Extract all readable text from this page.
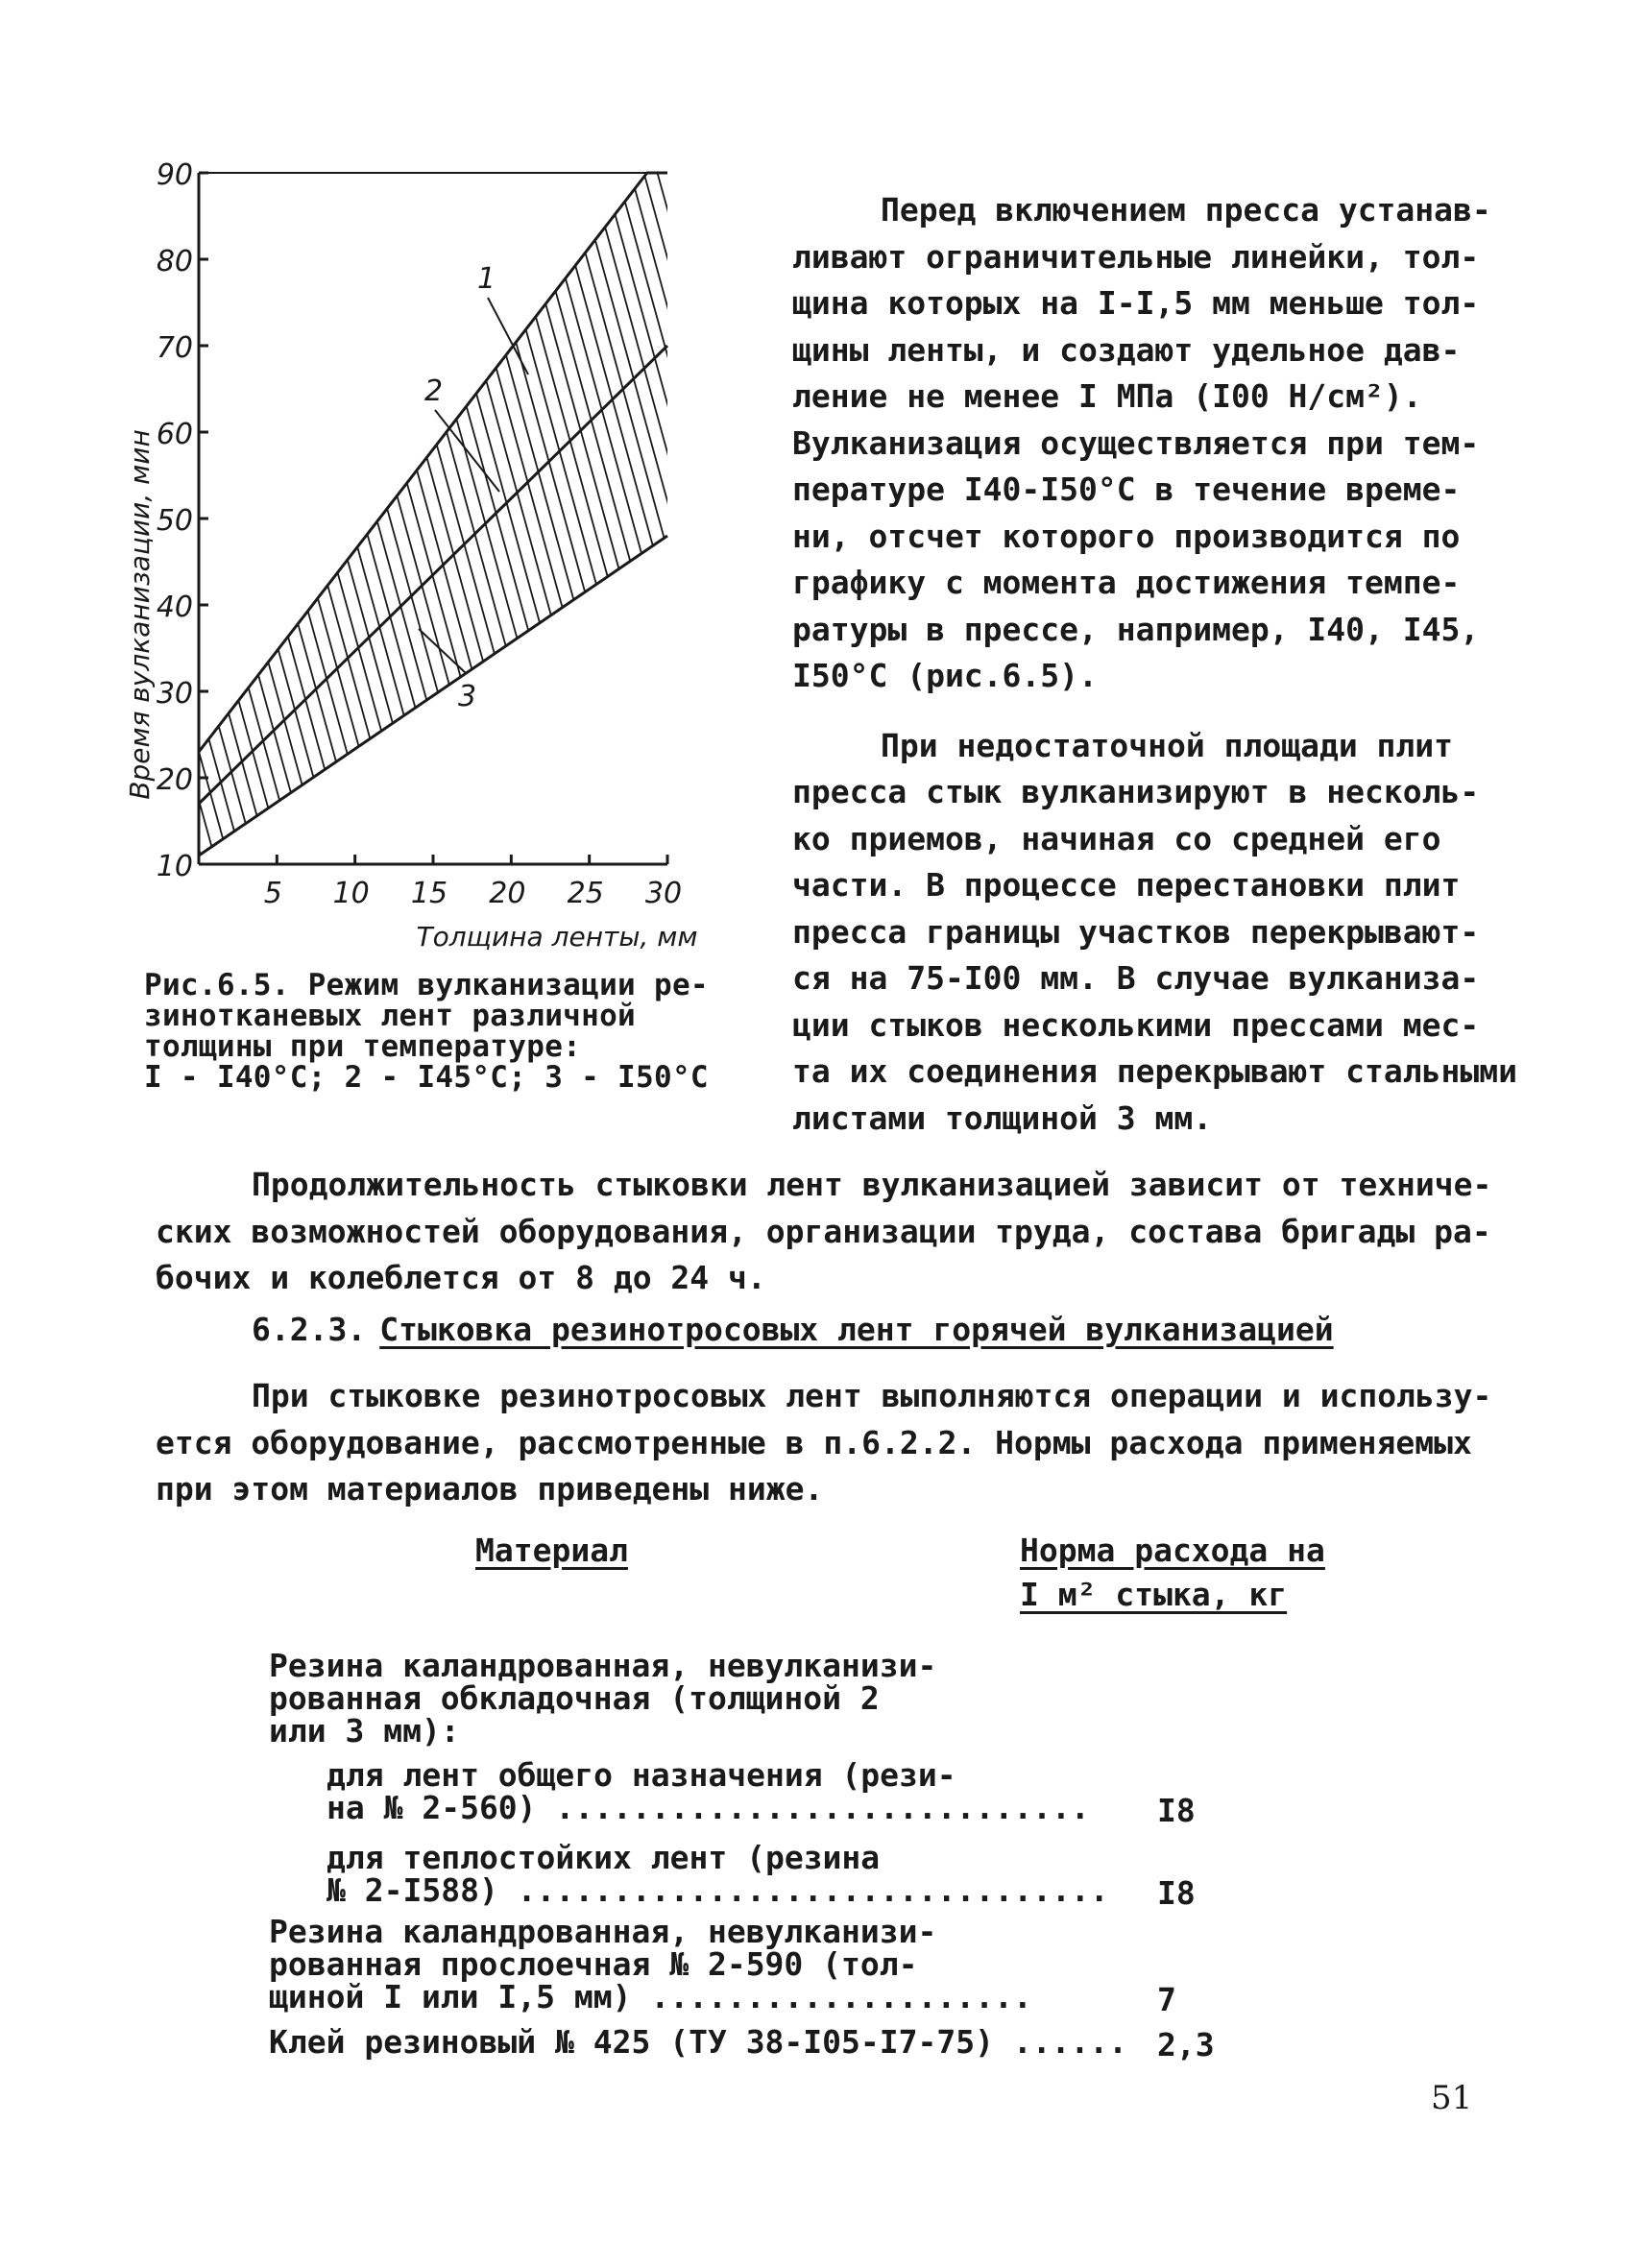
1
2
3
10
20
30
40
50
60
70
80
90
5 10 15 20 25 30
Время вулканизации, мин
Толщина ленты, мм
Рис.6.5. Режим вулканизации ре-
зинотканевых лент различной
толщины при температуре:
I - I40°C; 2 - I45°C; 3 - I50°C
Перед включением пресса устанав-
ливают ограничительные линейки, тол-
щина которых на I-I,5 мм меньше тол-
щины ленты, и создают удельное дав-
ление не менее I МПа (I00 Н/см²).
Вулканизация осуществляется при тем-
пературе I40-I50°C в течение време-
ни, отсчет которого производится по
графику с момента достижения темпе-
ратуры в прессе, например, I40, I45,
I50°C (рис.6.5).
При недостаточной площади плит
пресса стык вулканизируют в несколь-
ко приемов, начиная со средней его
части. В процессе перестановки плит
пресса границы участков перекрывают-
ся на 75-I00 мм. В случае вулканиза-
ции стыков несколькими прессами мес-
та их соединения перекрывают стальными
листами толщиной 3 мм.
Продолжительность стыковки лент вулканизацией зависит от техниче-
ских возможностей оборудования, организации труда, состава бригады ра-
бочих и колеблется от 8 до 24 ч.
6.2.3. Стыковка резинотросовых лент горячей вулканизацией
При стыковке резинотросовых лент выполняются операции и использу-
ется оборудование, рассмотренные в п.6.2.2. Нормы расхода применяемых
при этом материалов приведены ниже.
Материал	Норма расхода на
I м² стыка, кг
Резина каландрованная, невулканизи-
рованная обкладочная (толщиной 2
или 3 мм):
для лент общего назначения (рези-
на № 2-560) ............................ I8
для теплостойких лент (резина
№ 2-I588) ............................... I8
Резина каландрованная, невулканизи-
рованная прослоечная № 2-590 (тол-
щиной I или I,5 мм) ....................	7
Клей резиновый № 425 (ТУ 38-I05-I7-75) ...... 2,3
51
